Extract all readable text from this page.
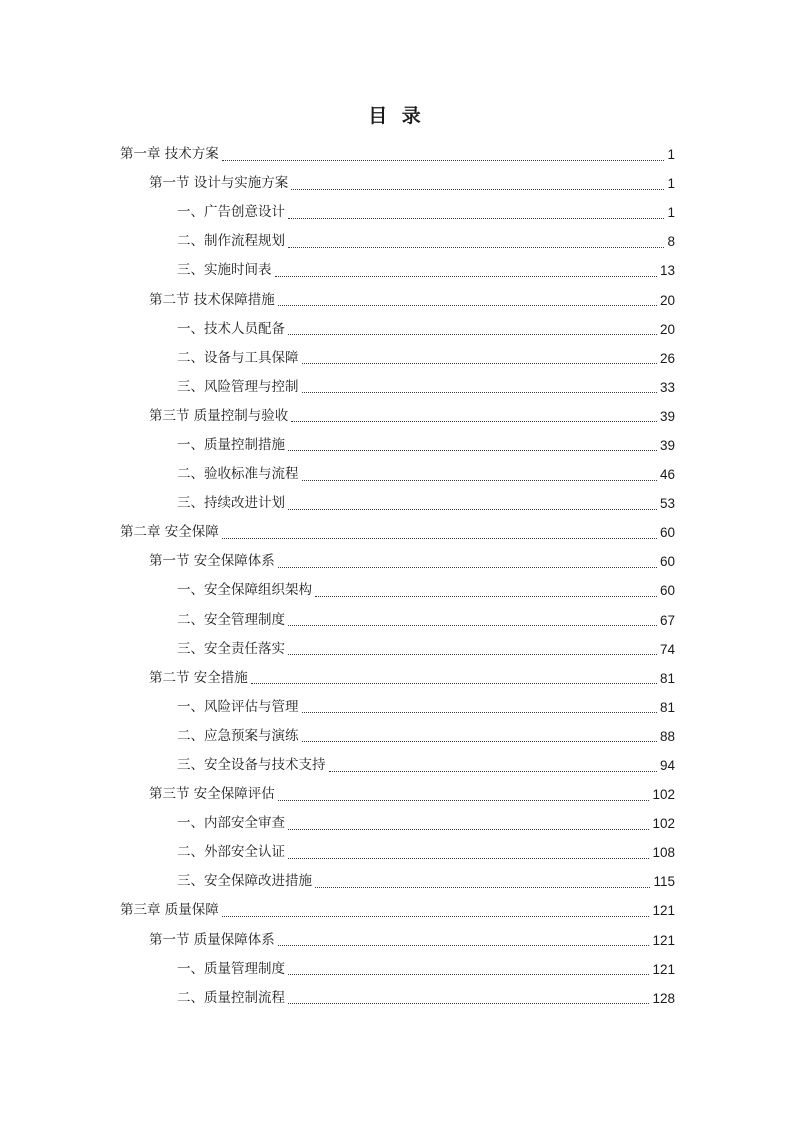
目 录
第一章 技术方案	1
第一节 设计与实施方案	1
一、广告创意设计	1
二、制作流程规划	8
三、实施时间表	13
第二节 技术保障措施	20
一、技术人员配备	20
二、设备与工具保障	26
三、风险管理与控制	33
第三节 质量控制与验收	39
一、质量控制措施	39
二、验收标准与流程	46
三、持续改进计划	53
第二章 安全保障	60
第一节 安全保障体系	60
一、安全保障组织架构	60
二、安全管理制度	67
三、安全责任落实	74
第二节 安全措施	81
一、风险评估与管理	81
二、应急预案与演练	88
三、安全设备与技术支持	94
第三节 安全保障评估	102
一、内部安全审查	102
二、外部安全认证	108
三、安全保障改进措施	115
第三章 质量保障	121
第一节 质量保障体系	121
一、质量管理制度	121
二、质量控制流程	128
